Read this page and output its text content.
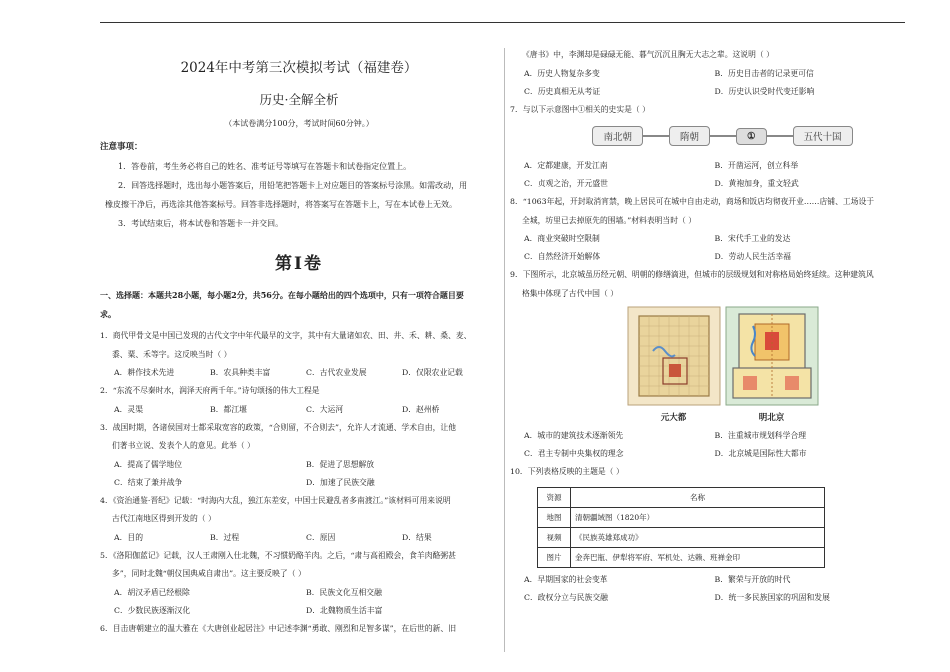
2024年中考第三次模拟考试（福建卷）
历史·全解全析
（本试卷满分100分，考试时间60分钟。）
注意事项：
1．答卷前，考生务必将自己的姓名、准考证号等填写在答题卡和试卷指定位置上。
2．回答选择题时，选出每小题答案后，用铅笔把答题卡上对应题目的答案标号涂黑。如需改动，用
橡皮擦干净后，再选涂其他答案标号。回答非选择题时，将答案写在答题卡上，写在本试卷上无效。
3．考试结束后，将本试卷和答题卡一并交回。
第Ⅰ卷
一、选择题：本题共28小题，每小题2分，共56分。在每小题给出的四个选项中，只有一项符合题目要
求。
1．商代甲骨文是中国已发现的古代文字中年代最早的文字，其中有大量诸如农、田、井、禾、耕、桑、麦、
黍、粟、禾等字。这反映当时（ ）
A．耕作技术先进	B．农具种类丰富	C．古代农业发展	D．仅限农业记载
2．“东流不尽秦时水，润泽天府两千年。”诗句颂扬的伟大工程是
A．灵渠	B．都江堰	C．大运河	D．赵州桥
3．战国时期，各诸侯国对士都采取宽容的政策，“合则留，不合则去”，允许人才流通、学术自由，让他
们著书立说、发表个人的意见。此举（ ）
A．提高了儒学地位	B．促进了思想解放
C．结束了兼并战争	D．加速了民族交融
4．《资治通鉴·晋纪》记载：“时海内大乱，独江东差安，中国士民避乱者多南渡江。”该材料可用来说明
古代江南地区得到开发的（ ）
A．目的	B．过程	C．原因	D．结果
5．《洛阳伽蓝记》记载，汉人王肃刚入仕北魏，不习惯奶酪羊肉。之后，“肃与高祖殿会，食羊肉酪粥甚
多”，同时北魏“朝仪国典咸自肃出”。这主要反映了（ ）
A．胡汉矛盾已经根除	B．民族文化互相交融
C．少数民族逐渐汉化	D．北魏物质生活丰富
6．目击唐朝建立的温大雅在《大唐创业起居注》中记述李渊“勇敢、刚烈和足智多谋”，在后世的新、旧
《唐书》中，李渊却是碌碌无能、暮气沉沉且胸无大志之辈。这说明（ ）
A．历史人物复杂多变	B．历史目击者的记录更可信
C．历史真相无从考证	D．历史认识受时代变迁影响
7．与以下示意图中①相关的史实是（ ）
南北朝	隋朝	①	五代十国
A．定都建康，开发江南	B．开凿运河，创立科举
C．贞观之治，开元盛世	D．黄袍加身，重文轻武
8．“1063年起，开封取消宵禁，晚上居民可在城中自由走动，商场和饭店均彻夜开业……店铺、工场设于
全城，坊里已去掉原先的围墙。”材料表明当时（ ）
A．商业突破时空限制	B．宋代手工业的发达
C．自然经济开始解体	D．劳动人民生活幸福
9．下图所示，北京城虽历经元朝、明朝的修缮滴进，但城市的层级规划和对称格局始终延续。这种建筑风
格集中体现了古代中国（ ）
元大都	明北京
A．城市的建筑技术逐渐领先	B．注重城市规划科学合理
C．君主专制中央集权的理念	D．北京城是国际性大都市
10．下列表格反映的主题是（ ）
资源	名称
地图	清朝疆域图（1820年）
视频	《民族英雄郑成功》
图片	金奔巴瓶、伊犁将军府、军机处、达赖、班禅金印
A．早期国家的社会变革	B．繁荣与开放的时代
C．政权分立与民族交融	D．统一多民族国家的巩固和发展
